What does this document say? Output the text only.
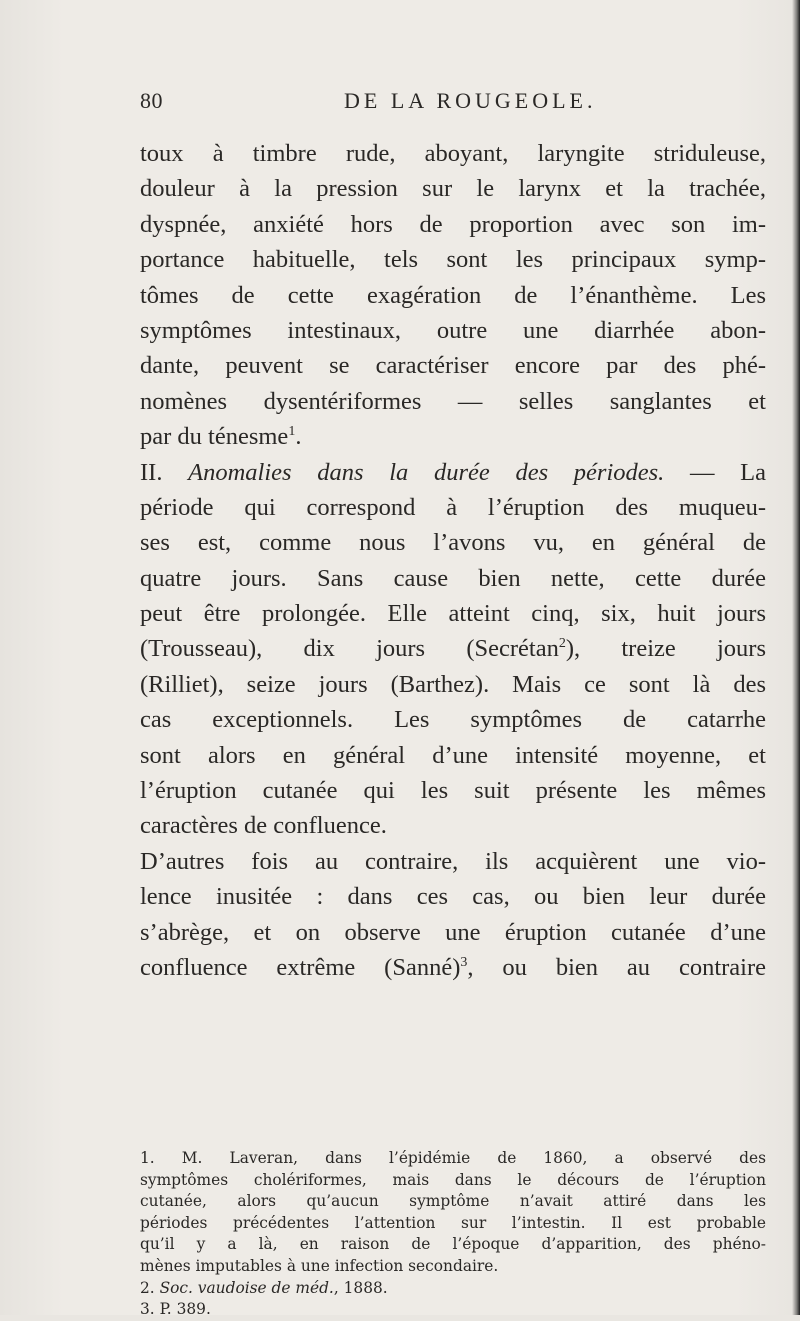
80	DE LA ROUGEOLE.
toux à timbre rude, aboyant, laryngite striduleuse,
douleur à la pression sur le larynx et la trachée,
dyspnée, anxiété hors de proportion avec son im-
portance habituelle, tels sont les principaux symp-
tômes de cette exagération de l’énanthème. Les
symptômes intestinaux, outre une diarrhée abon-
dante, peuvent se caractériser encore par des phé-
nomènes dysentériformes — selles sanglantes et
par du ténesme$^1$.
II. Anomalies dans la durée des périodes. — La
période qui correspond à l’éruption des muqueu-
ses est, comme nous l’avons vu, en général de
quatre jours. Sans cause bien nette, cette durée
peut être prolongée. Elle atteint cinq, six, huit jours
(Trousseau), dix jours (Secrétan$^2$), treize jours
(Rilliet), seize jours (Barthez). Mais ce sont là des
cas exceptionnels. Les symptômes de catarrhe
sont alors en général d’une intensité moyenne, et
l’éruption cutanée qui les suit présente les mêmes
caractères de confluence.
D’autres fois au contraire, ils acquièrent une vio-
lence inusitée : dans ces cas, ou bien leur durée
s’abrège, et on observe une éruption cutanée d’une
confluence extrême (Sanné)$^3$, ou bien au contraire
1. M. Laveran, dans l’épidémie de 1860, a observé des
symptômes cholériformes, mais dans le décours de l’éruption
cutanée, alors qu’aucun symptôme n’avait attiré dans les
périodes précédentes l’attention sur l’intestin. Il est probable
qu’il y a là, en raison de l’époque d’apparition, des phéno-
mènes imputables à une infection secondaire.
2. Soc. vaudoise de méd., 1888.
3. P. 389.
